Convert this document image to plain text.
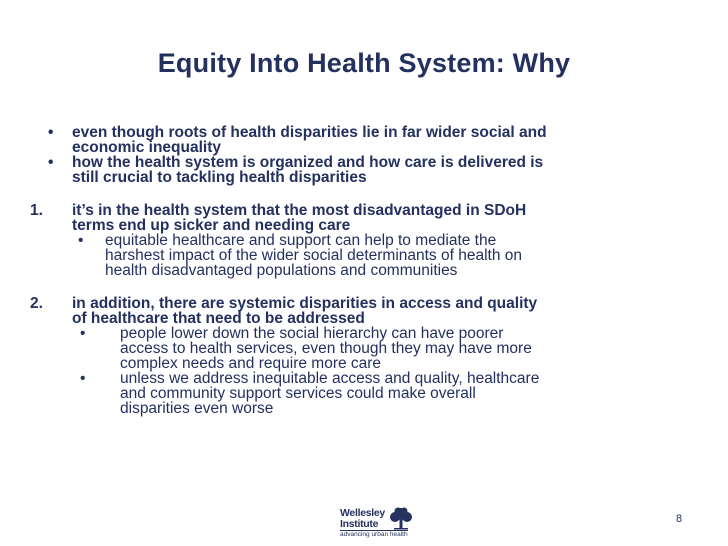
Equity Into Health System: Why
• even though roots of health disparities lie in far wider social and
economic inequality
• how the health system is organized and how care is delivered is
still crucial to tackling health disparities
1. it’s in the health system that the most disadvantaged in SDoH
terms end up sicker and needing care
• equitable healthcare and support can help to mediate the
harshest impact of the wider social determinants of health on
health disadvantaged populations and communities
2. in addition, there are systemic disparities in access and quality
of healthcare that need to be addressed
• people lower down the social hierarchy can have poorer
access to health services, even though they may have more
complex needs and require more care
• unless we address inequitable access and quality, healthcare
and community support services could make overall
disparities even worse
Wellesley
Institute
advancing urban health
8
